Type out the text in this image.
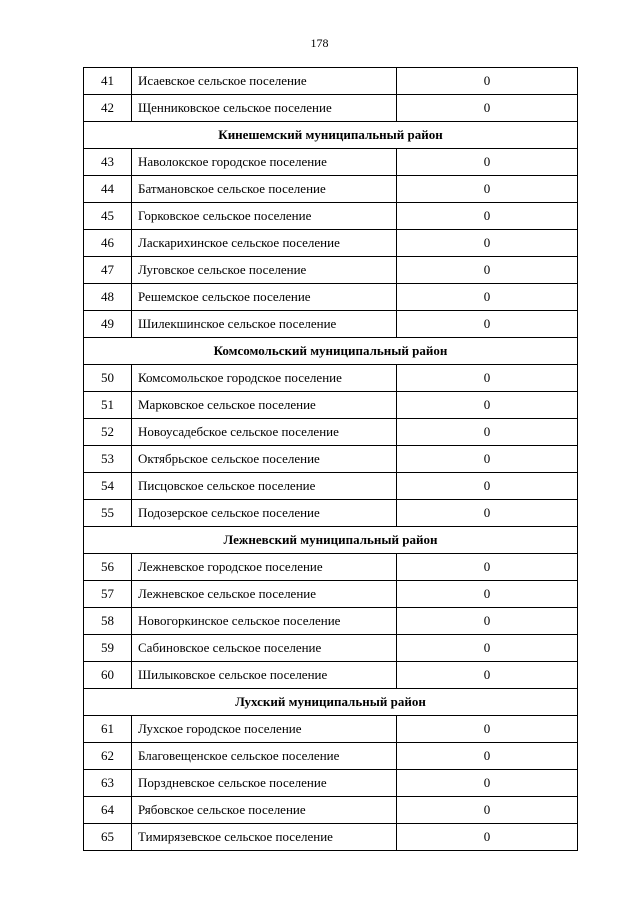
178
41	Исаевское сельское поселение	0
42	Щенниковское сельское поселение	0
Кинешемский муниципальный район		
43	Наволокское городское поселение	0
44	Батмановское сельское поселение	0
45	Горковское сельское поселение	0
46	Ласкарихинское сельское поселение	0
47	Луговское сельское поселение	0
48	Решемское сельское поселение	0
49	Шилекшинское сельское поселение	0
Комсомольский муниципальный район		
50	Комсомольское городское поселение	0
51	Марковское сельское поселение	0
52	Новоусадебское сельское поселение	0
53	Октябрьское сельское поселение	0
54	Писцовское сельское поселение	0
55	Подозерское сельское поселение	0
Лежневский муниципальный район		
56	Лежневское городское поселение	0
57	Лежневское сельское поселение	0
58	Новогоркинское сельское поселение	0
59	Сабиновское сельское поселение	0
60	Шилыковское сельское поселение	0
Лухский муниципальный район		
61	Лухское городское поселение	0
62	Благовещенское сельское поселение	0
63	Порздневское сельское поселение	0
64	Рябовское сельское поселение	0
65	Тимирязевское сельское поселение	0
